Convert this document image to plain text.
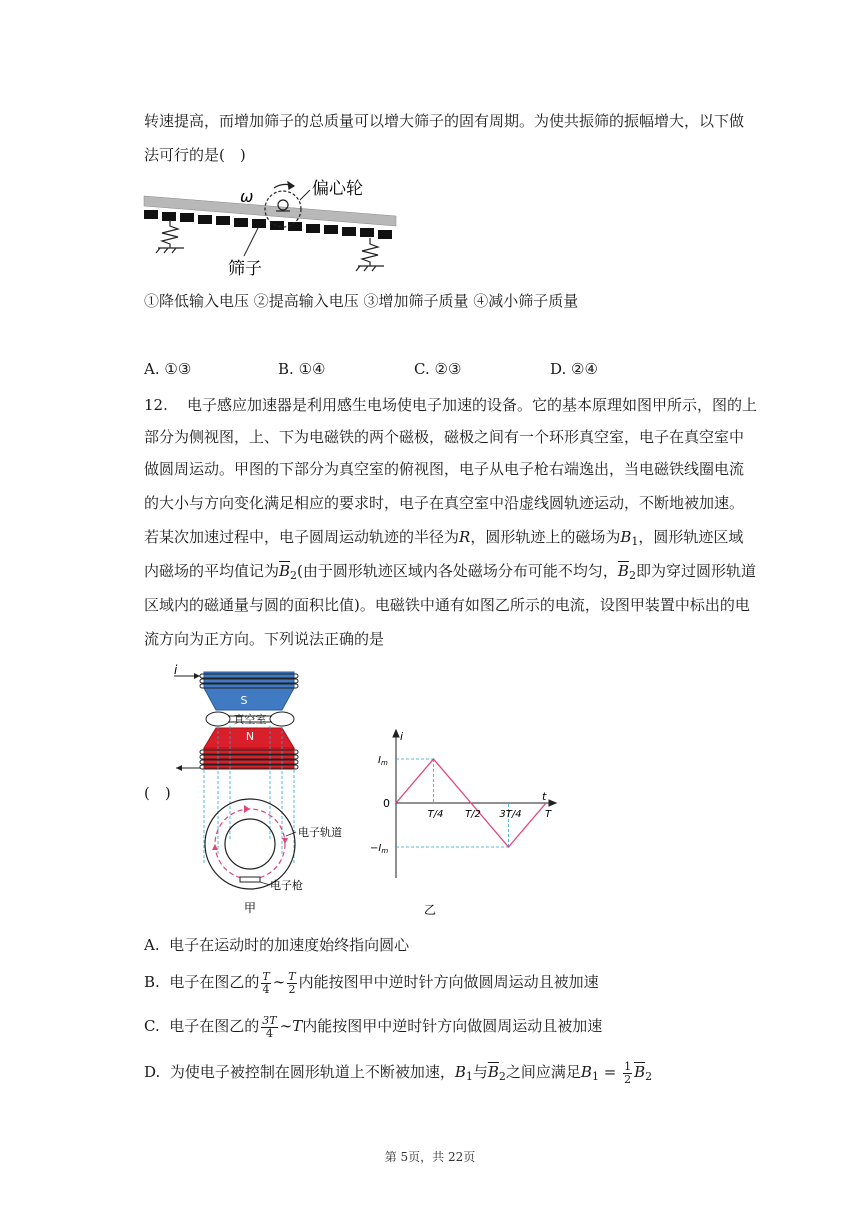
转速提高，而增加筛子的总质量可以增大筛子的固有周期。为使共振筛的振幅增大，以下做
法可行的是(　)
ω	偏心轮
筛子
①降低输入电压 ②提高输入电压 ③增加筛子质量 ④减小筛子质量
A. ①③	B. ①④	C. ②③	D. ②④
12. 电子感应加速器是利用感生电场使电子加速的设备。它的基本原理如图甲所示，图的上
部分为侧视图，上、下为电磁铁的两个磁极，磁极之间有一个环形真空室，电子在真空室中
做圆周运动。甲图的下部分为真空室的俯视图，电子从电子枪右端逸出，当电磁铁线圈电流
的大小与方向变化满足相应的要求时，电子在真空室中沿虚线圆轨迹运动，不断地被加速。
若某次加速过程中，电子圆周运动轨迹的半径为R，圆形轨迹上的磁场为$B_1$，圆形轨迹区域
内磁场的平均值记为$\overline{B}_2$(由于圆形轨迹区域内各处磁场分布可能不均匀，$\overline{B}_2$即为穿过圆形轨道
区域内的磁通量与圆的面积比值)。电磁铁中通有如图乙所示的电流，设图甲装置中标出的电
流方向为正方向。下列说法正确的是
(　)
i
S
真空室
N
电子轨道
电子枪
甲
i
t
0
$I_m$
$-I_m$
T/4 T/2 3T/4 T
乙
A. 电子在运动时的加速度始终指向圆心
B. 电子在图乙的 $\frac{T}{4}$ ∼ $\frac{T}{2}$ 内能按图甲中逆时针方向做圆周运动且被加速
C. 电子在图乙的 $\frac{3T}{4}$ ∼T内能按图甲中逆时针方向做圆周运动且被加速
D. 为使电子被控制在圆形轨道上不断被加速，$B_1$与$\overline{B}_2$之间应满足$B_1 = \frac{1}{2} \overline{B}_2$
第 5页，共 22页
